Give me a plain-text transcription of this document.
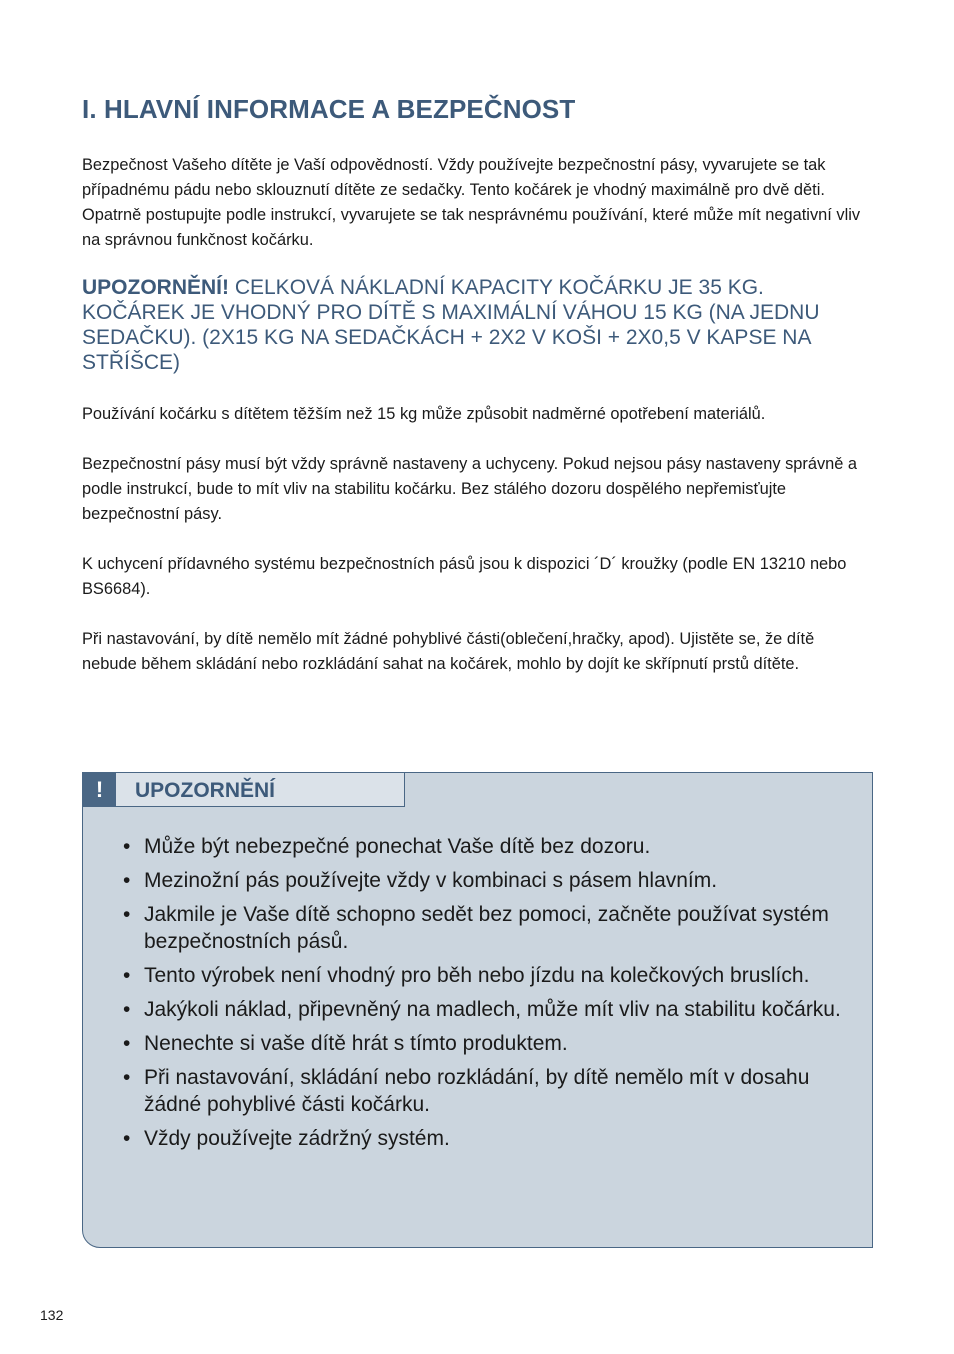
I. HLAVNÍ INFORMACE A BEZPEČNOST

Bezpečnost Vašeho dítěte je Vaší odpovědností. Vždy používejte bezpečnostní pásy, vyvarujete se tak případnému pádu nebo sklouznutí dítěte ze sedačky. Tento kočárek je vhodný maximálně pro dvě děti. Opatrně postupujte podle instrukcí, vyvarujete se tak nesprávnému používání, které může mít negativní vliv na správnou funkčnost kočárku.

UPOZORNĚNÍ! CELKOVÁ NÁKLADNÍ KAPACITY KOČÁRKU JE 35 KG. KOČÁREK JE VHODNÝ PRO DÍTĚ S MAXIMÁLNÍ VÁHOU 15 KG (NA JEDNU SEDAČKU). (2X15 KG NA SEDAČKÁCH + 2X2 V KOŠI + 2X0,5 V KAPSE NA STŘÍŠCE)

Používání kočárku s dítětem těžším než 15 kg může způsobit nadměrné opotřebení materiálů.

Bezpečnostní pásy musí být vždy správně nastaveny a uchyceny. Pokud nejsou pásy nastaveny správně a podle instrukcí, bude to mít vliv na stabilitu kočárku. Bez stálého dozoru dospělého nepřemisťujte bezpečnostní pásy.

K uchycení přídavného systému bezpečnostních pásů jsou k dispozici ´D´ kroužky (podle EN 13210 nebo BS6684).

Při nastavování, by dítě nemělo mít žádné pohyblivé části(oblečení,hračky, apod). Ujistěte se, že dítě nebude během skládání nebo rozkládání sahat na kočárek, mohlo by dojít ke skřípnutí prstů dítěte.

!	UPOZORNĚNÍ
• Může být nebezpečné ponechat Vaše dítě bez dozoru.
• Mezinožní pás používejte vždy v kombinaci s pásem hlavním.
• Jakmile je Vaše dítě schopno sedět bez pomoci, začněte používat systém bezpečnostních pásů.
• Tento výrobek není vhodný pro běh nebo jízdu na kolečkových bruslích.
• Jakýkoli náklad, připevněný na madlech, může mít vliv na stabilitu kočárku.
• Nenechte si vaše dítě hrát s tímto produktem.
• Při nastavování, skládání nebo rozkládání, by dítě nemělo mít v dosahu žádné pohyblivé části kočárku.
• Vždy používejte zádržný systém.
132
